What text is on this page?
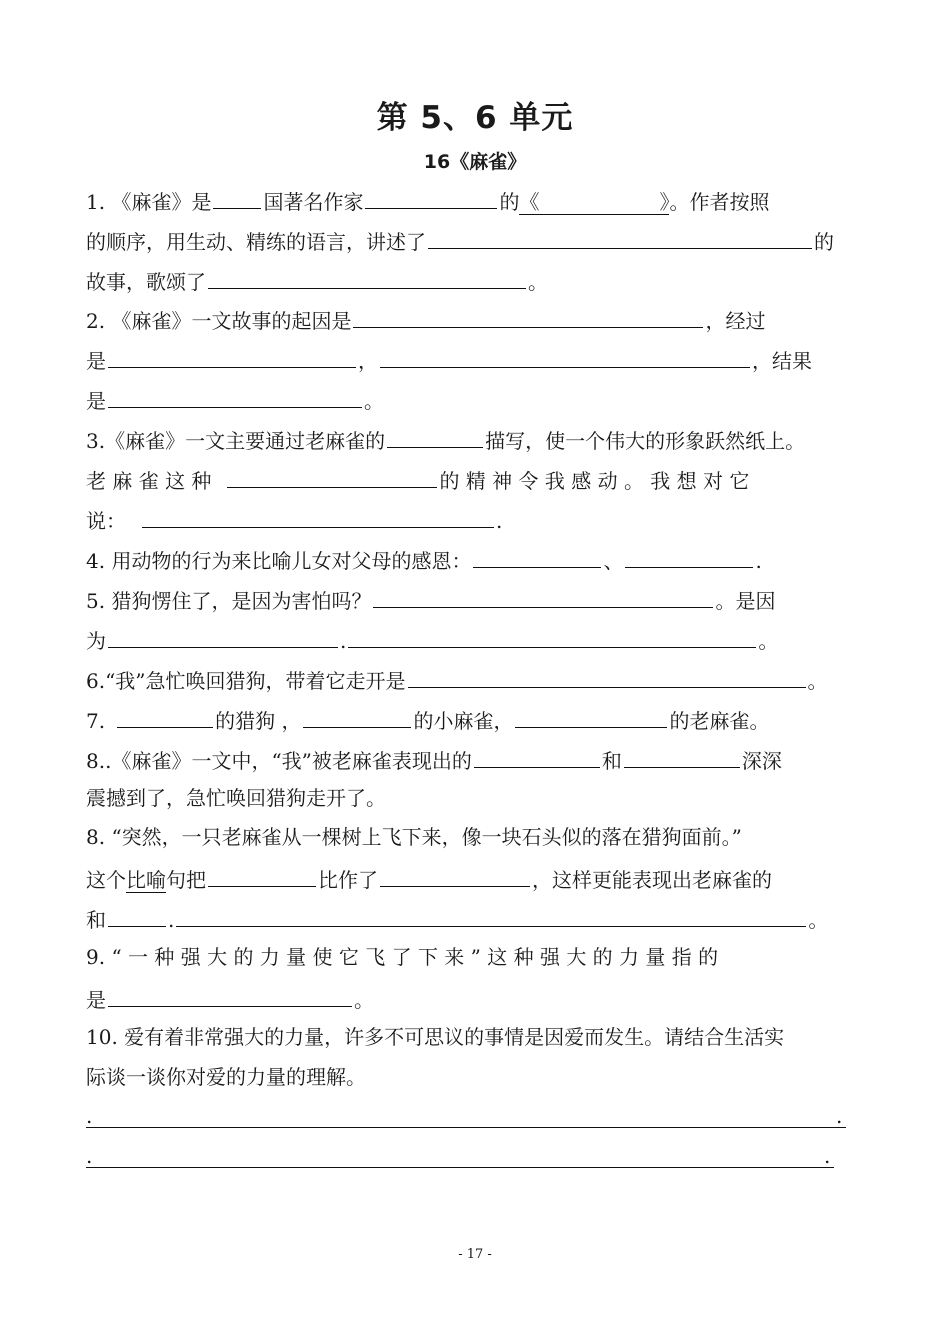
第 5、6 单元
16《麻雀》
1. 《麻雀》是	国著名作家	的《	》。作者按照
的顺序，用生动、精练的语言，讲述了	的
故事，歌颂了	。
2. 《麻雀》一文故事的起因是	，经过
是	，	，结果
是	。
3.《麻雀》一文主要通过老麻雀的	描写，使一个伟大的形象跃然纸上。
老 麻 雀 这 种	的 精 神 令 我 感 动 。 我 想 对 它
说：	.
4. 用动物的行为来比喻儿女对父母的感恩：	、	.
5. 猎狗愣住了，是因为害怕吗？	。是因
为	.	。
6.“我”急忙唤回猎狗，带着它走开是	。
7.	的猎狗 ，	的小麻雀，	的老麻雀。
8..《麻雀》一文中，“我”被老麻雀表现出的	和	深深
震撼到了，急忙唤回猎狗走开了。
8. “突然，一只老麻雀从一棵树上飞下来，像一块石头似的落在猎狗面前。”
这个比喻句把	比作了	，这样更能表现出老麻雀的
和	.	。
9. “ 一 种 强 大 的 力 量 使 它 飞 了 下 来 ” 这 种 强 大 的 力 量 指 的
是	。
10. 爱有着非常强大的力量，许多不可思议的事情是因爱而发生。请结合生活实
际谈一谈你对爱的力量的理解。
.	.
.	.
- 17 -
